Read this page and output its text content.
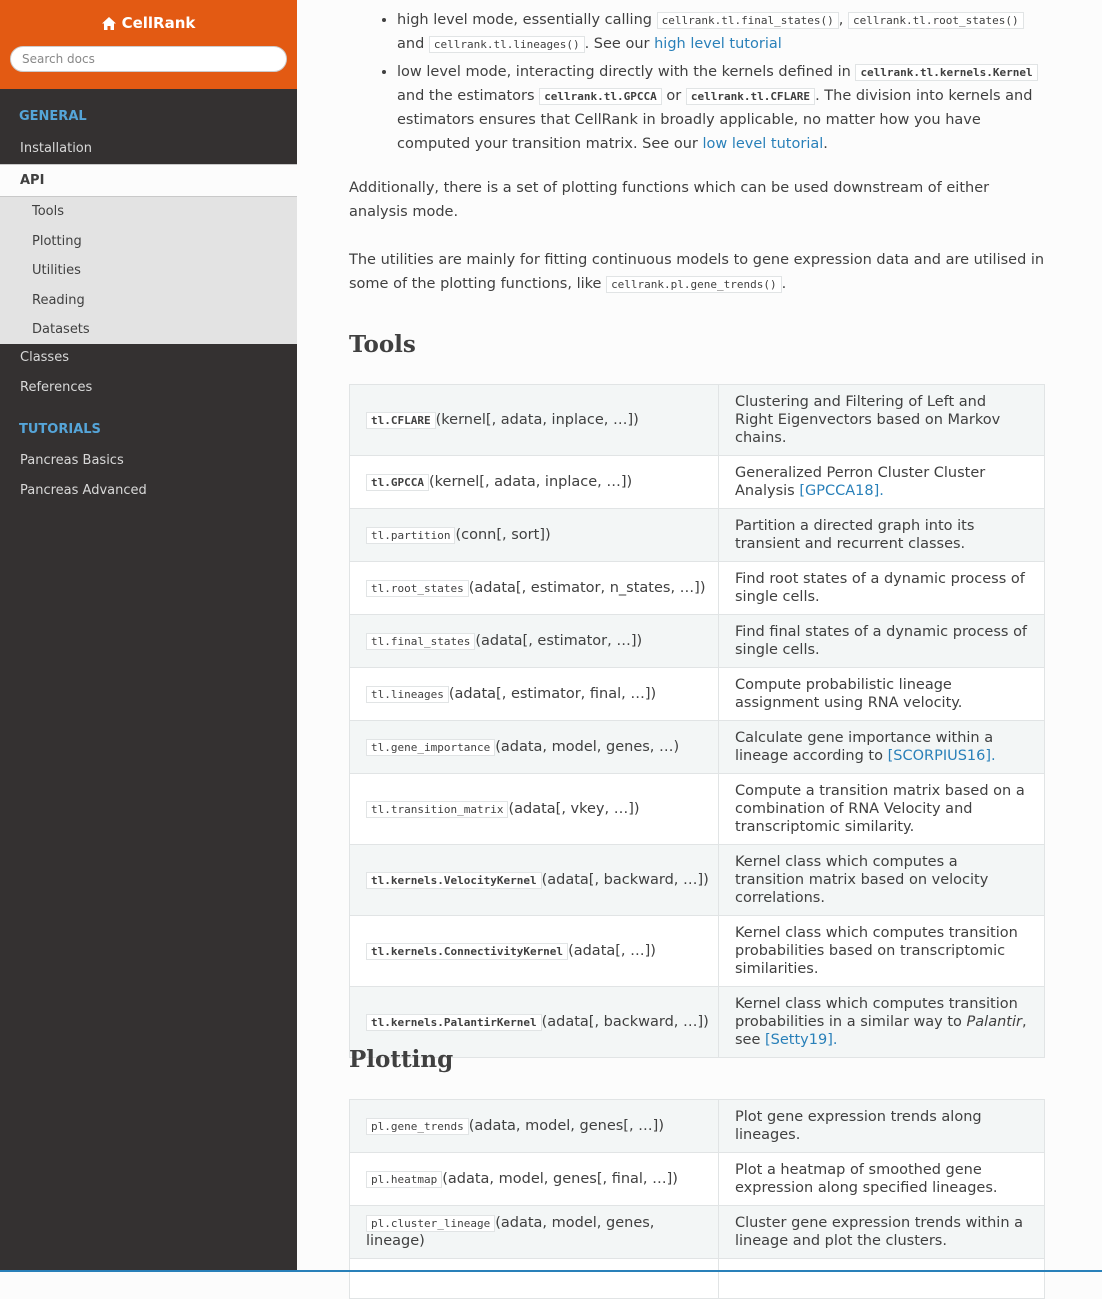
CellRank
Search docs
GENERAL
Installation
API
Tools
Plotting
Utilities
Reading
Datasets
Classes
References
TUTORIALS
Pancreas Basics
Pancreas Advanced
• high level mode, essentially calling cellrank.tl.final_states() , cellrank.tl.root_states() and cellrank.tl.lineages() . See our high level tutorial
• low level mode, interacting directly with the kernels defined in cellrank.tl.kernels.Kernel and the estimators cellrank.tl.GPCCA or cellrank.tl.CFLARE . The division into kernels and estimators ensures that CellRank in broadly applicable, no matter how you have computed your transition matrix. See our low level tutorial.

Additionally, there is a set of plotting functions which can be used downstream of either analysis mode.

The utilities are mainly for fitting continuous models to gene expression data and are utilised in some of the plotting functions, like cellrank.pl.gene_trends() .

Tools
tl.CFLARE (kernel[, adata, inplace, …])	Clustering and Filtering of Left and Right Eigenvectors based on Markov chains.
tl.GPCCA (kernel[, adata, inplace, …])	Generalized Perron Cluster Cluster Analysis [GPCCA18].
tl.partition (conn[, sort])	Partition a directed graph into its transient and recurrent classes.
tl.root_states (adata[, estimator, n_states, …])	Find root states of a dynamic process of single cells.
tl.final_states (adata[, estimator, …])	Find final states of a dynamic process of single cells.
tl.lineages (adata[, estimator, final, …])	Compute probabilistic lineage assignment using RNA velocity.
tl.gene_importance (adata, model, genes, …)	Calculate gene importance within a lineage according to [SCORPIUS16].
tl.transition_matrix (adata[, vkey, …])	Compute a transition matrix based on a combination of RNA Velocity and transcriptomic similarity.
tl.kernels.VelocityKernel (adata[, backward, …])	Kernel class which computes a transition matrix based on velocity correlations.
tl.kernels.ConnectivityKernel (adata[, …])	Kernel class which computes transition probabilities based on transcriptomic similarities.
tl.kernels.PalantirKernel (adata[, backward, …])	Kernel class which computes transition probabilities in a similar way to Palantir, see [Setty19].
Plotting
pl.gene_trends (adata, model, genes[, …])	Plot gene expression trends along lineages.
pl.heatmap (adata, model, genes[, final, …])	Plot a heatmap of smoothed gene expression along specified lineages.
pl.cluster_lineage (adata, model, genes, lineage)	Cluster gene expression trends within a lineage and plot the clusters.
